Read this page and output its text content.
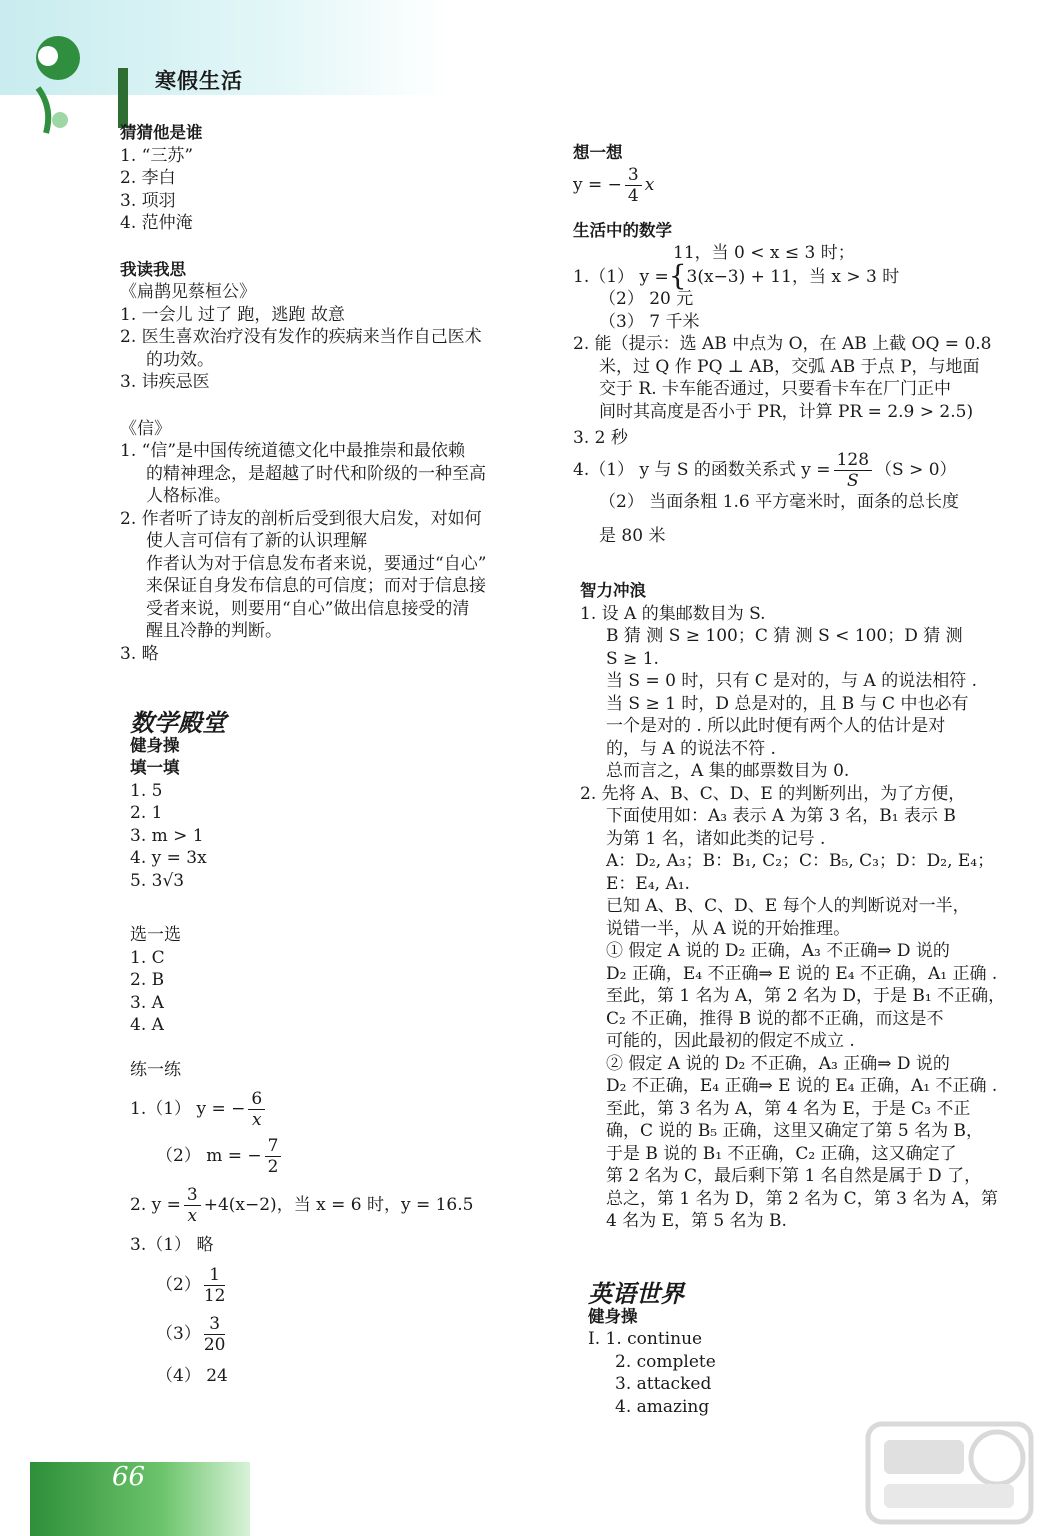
寒假生活
猜猜他是谁
1. “三苏”
2. 李白
3. 项羽
4. 范仲淹
我读我思
《扁鹊见蔡桓公》
1. 一会儿 过了 跑，逃跑 故意
2. 医生喜欢治疗没有发作的疾病来当作自己医术
的功效。
3. 讳疾忌医
《信》
1. “信”是中国传统道德文化中最推崇和最依赖
的精神理念，是超越了时代和阶级的一种至高
人格标准。
2. 作者听了诗友的剖析后受到很大启发，对如何
使人言可信有了新的认识理解
作者认为对于信息发布者来说，要通过“自心”
来保证自身发布信息的可信度；而对于信息接
受者来说，则要用“自心”做出信息接受的清
醒且冷静的判断。
3. 略
数学殿堂
健身操
填一填
1. 5
2. 1
3. m > 1
4. y = 3x
5. 3√3
选一选
1. C
2. B
3. A
4. A
练一练
1.（1） y = − $\frac{6}{x}$
（2） m = − $\frac{7}{2}$
2. $y = \frac{3}{x} +4(x-2)$，当 x = 6 时，y = 16.5
3.（1） 略
$(2) \frac{1}{12}$
$(3) \frac{3}{20}$
（4） 24
想一想
y = − $\frac{3}{4}$ x
生活中的数学
11，当 0 < x ≤ 3 时；
1.（1） y ={3(x−3) + 11，当 x > 3 时
（2） 20 元
（3） 7 千米
2. 能（提示：选 AB 中点为 O，在 AB 上截 OQ = 0.8
米，过 Q 作 PQ ⊥ AB，交弧 AB 于点 P，与地面
交于 R. 卡车能否通过，只要看卡车在厂门正中
间时其高度是否小于 PR，计算 PR = 2.9 > 2.5)
3. 2 秒
4.（1） y 与 S 的函数关系式 $y = \frac{128}{S} (S > 0)$
（2） 当面条粗 1.6 平方毫米时，面条的总长度
是 80 米
智力冲浪
1. 设 A 的集邮数目为 S.
B 猜 测 S ≥ 100；C 猜 测 S < 100；D 猜 测
S ≥ 1.
当 S = 0 时，只有 C 是对的，与 A 的说法相符 .
当 S ≥ 1 时，D 总是对的，且 B 与 C 中也必有
一个是对的 . 所以此时便有两个人的估计是对
的，与 A 的说法不符 .
总而言之，A 集的邮票数目为 0.
2. 先将 A、B、C、D、E 的判断列出，为了方便，
下面使用如：A₃ 表示 A 为第 3 名，B₁ 表示 B
为第 1 名，诸如此类的记号 .
A：D₂, A₃；B：B₁, C₂；C：B₅, C₃；D：D₂, E₄；
E：E₄, A₁.
已知 A、B、C、D、E 每个人的判断说对一半，
说错一半，从 A 说的开始推理。
① 假定 A 说的 D₂ 正确，A₃ 不正确⇒ D 说的
D₂ 正确，E₄ 不正确⇒ E 说的 E₄ 不正确，A₁ 正确 .
至此，第 1 名为 A，第 2 名为 D，于是 B₁ 不正确，
C₂ 不正确，推得 B 说的都不正确，而这是不
可能的，因此最初的假定不成立 .
② 假定 A 说的 D₂ 不正确，A₃ 正确⇒ D 说的
D₂ 不正确，E₄ 正确⇒ E 说的 E₄ 正确，A₁ 不正确 .
至此，第 3 名为 A，第 4 名为 E，于是 C₃ 不正
确，C 说的 B₅ 正确，这里又确定了第 5 名为 B，
于是 B 说的 B₁ 不正确，C₂ 正确，这又确定了
第 2 名为 C，最后剩下第 1 名自然是属于 D 了，
总之，第 1 名为 D，第 2 名为 C，第 3 名为 A，第
4 名为 E，第 5 名为 B.
英语世界
健身操
I. 1. continue
2. complete
3. attacked
4. amazing
66
